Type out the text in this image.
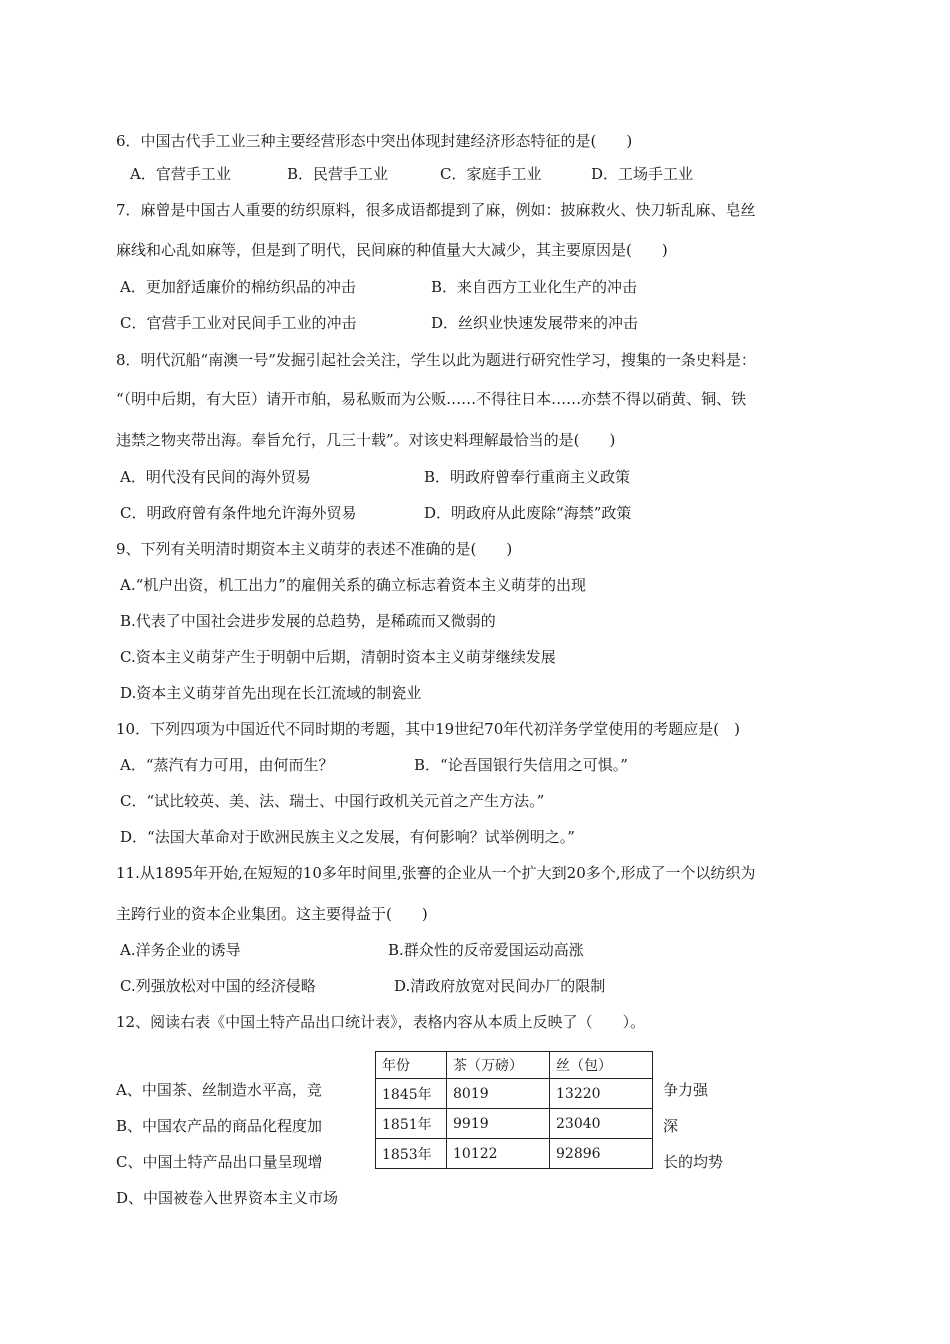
6．中国古代手工业三种主要经营形态中突出体现封建经济形态特征的是(　　)
A．官营手工业	B．民营手工业	C．家庭手工业	D．工场手工业
7．麻曾是中国古人重要的纺织原料，很多成语都提到了麻，例如：披麻救火、快刀斩乱麻、皂丝
麻线和心乱如麻等，但是到了明代，民间麻的种值量大大减少，其主要原因是(　　)
A．更加舒适廉价的棉纺织品的冲击	B．来自西方工业化生产的冲击
C．官营手工业对民间手工业的冲击	D．丝织业快速发展带来的冲击
8．明代沉船“南澳一号”发掘引起社会关注，学生以此为题进行研究性学习，搜集的一条史料是：
“（明中后期，有大臣）请开市舶，易私贩而为公贩……不得往日本……亦禁不得以硝黄、铜、铁
违禁之物夹带出海。奉旨允行，几三十载”。对该史料理解最恰当的是(　　)
A．明代没有民间的海外贸易	B．明政府曾奉行重商主义政策
C．明政府曾有条件地允许海外贸易	D．明政府从此废除“海禁”政策
9、下列有关明清时期资本主义萌芽的表述不准确的是(　　)
A.“机户出资，机工出力”的雇佣关系的确立标志着资本主义萌芽的出现
B.代表了中国社会进步发展的总趋势，是稀疏而又微弱的
C.资本主义萌芽产生于明朝中后期，清朝时资本主义萌芽继续发展
D.资本主义萌芽首先出现在长江流域的制瓷业
10．下列四项为中国近代不同时期的考题，其中19世纪70年代初洋务学堂使用的考题应是(　)
A．“蒸汽有力可用，由何而生？	B．“论吾国银行失信用之可惧。”
C．“试比较英、美、法、瑞士、中国行政机关元首之产生方法。”
D．“法国大革命对于欧洲民族主义之发展，有何影响？试举例明之。”
11.从1895年开始,在短短的10多年时间里,张謇的企业从一个扩大到20多个,形成了一个以纺织为
主跨行业的资本企业集团。这主要得益于(　　)
A.洋务企业的诱导	B.群众性的反帝爱国运动高涨
C.列强放松对中国的经济侵略	D.清政府放宽对民间办厂的限制
12、阅读右表《中国土特产品出口统计表》，表格内容从本质上反映了（　　）。
年份	茶（万磅）	丝（包）
1845年	8019	13220
1851年	9919	23040
1853年	10122	92896
A、中国茶、丝制造水平高，竞	争力强
B、中国农产品的商品化程度加	深
C、中国土特产品出口量呈现增	长的均势
D、中国被卷入世界资本主义市场
